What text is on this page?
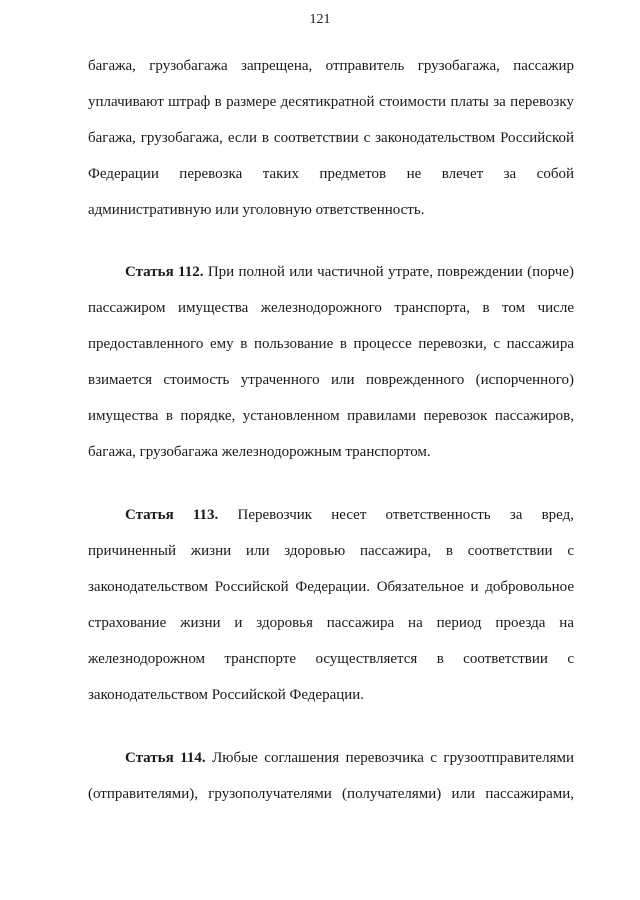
121
багажа, грузобагажа запрещена, отправитель грузобагажа, пассажир
уплачивают штраф в размере десятикратной стоимости платы за перевозку
багажа, грузобагажа, если в соответствии с законодательством Российской
Федерации перевозка таких предметов не влечет за собой
административную или уголовную ответственность.
Статья 112. При полной или частичной утрате, повреждении (порче)
пассажиром имущества железнодорожного транспорта, в том числе
предоставленного ему в пользование в процессе перевозки, с пассажира
взимается стоимость утраченного или поврежденного (испорченного)
имущества в порядке, установленном правилами перевозок пассажиров,
багажа, грузобагажа железнодорожным транспортом.
Статья 113. Перевозчик несет ответственность за вред,
причиненный жизни или здоровью пассажира, в соответствии с
законодательством Российской Федерации. Обязательное и добровольное
страхование жизни и здоровья пассажира на период проезда на
железнодорожном транспорте осуществляется в соответствии с
законодательством Российской Федерации.
Статья 114. Любые соглашения перевозчика с грузоотправителями
(отправителями), грузополучателями (получателями) или пассажирами,
